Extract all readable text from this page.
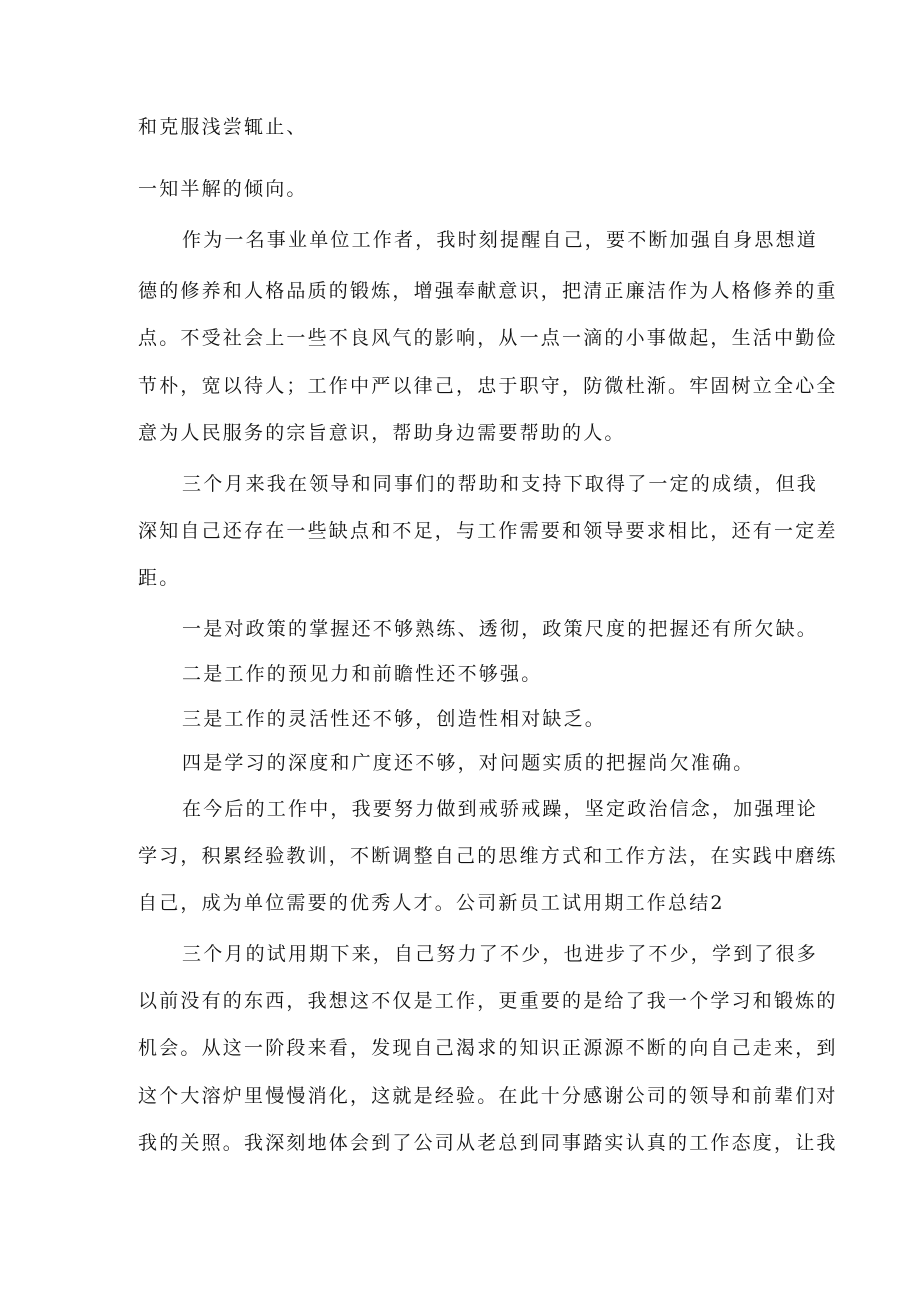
和克服浅尝辄止、
一知半解的倾向。
作为一名事业单位工作者，我时刻提醒自己，要不断加强自身思想道
德的修养和人格品质的锻炼，增强奉献意识，把清正廉洁作为人格修养的重
点。不受社会上一些不良风气的影响，从一点一滴的小事做起，生活中勤俭
节朴，宽以待人；工作中严以律己，忠于职守，防微杜渐。牢固树立全心全
意为人民服务的宗旨意识，帮助身边需要帮助的人。
三个月来我在领导和同事们的帮助和支持下取得了一定的成绩，但我
深知自己还存在一些缺点和不足，与工作需要和领导要求相比，还有一定差
距。
一是对政策的掌握还不够熟练、透彻，政策尺度的把握还有所欠缺。
二是工作的预见力和前瞻性还不够强。
三是工作的灵活性还不够，创造性相对缺乏。
四是学习的深度和广度还不够，对问题实质的把握尚欠准确。
在今后的工作中，我要努力做到戒骄戒躁，坚定政治信念，加强理论
学习，积累经验教训，不断调整自己的思维方式和工作方法，在实践中磨练
自己，成为单位需要的优秀人才。公司新员工试用期工作总结2
三个月的试用期下来，自己努力了不少，也进步了不少，学到了很多
以前没有的东西，我想这不仅是工作，更重要的是给了我一个学习和锻炼的
机会。从这一阶段来看，发现自己渴求的知识正源源不断的向自己走来，到
这个大溶炉里慢慢消化，这就是经验。在此十分感谢公司的领导和前辈们对
我的关照。我深刻地体会到了公司从老总到同事踏实认真的工作态度，让我
